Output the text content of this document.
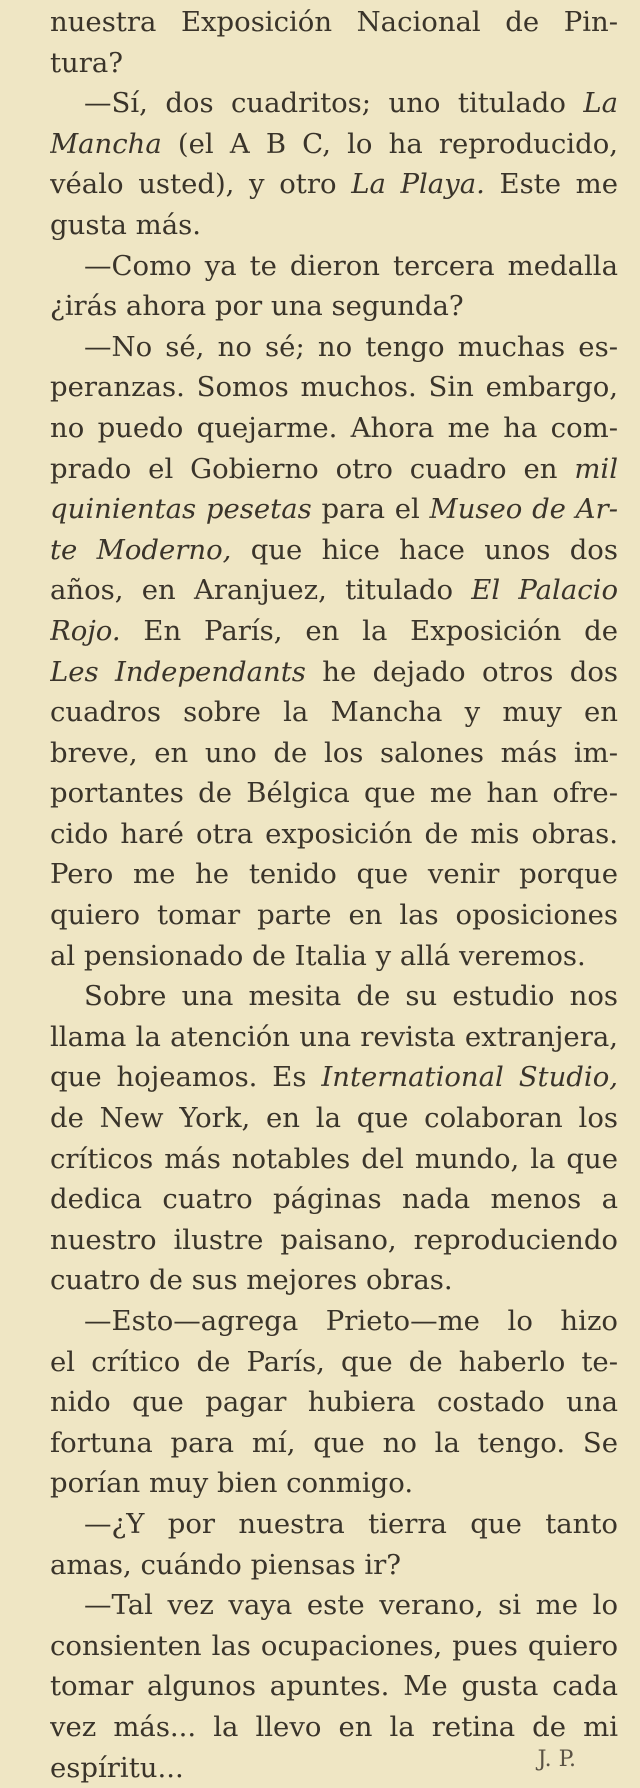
nuestra Exposición Nacional de Pin-
tura?
—Sí, dos cuadritos; uno titulado La
Mancha (el A B C, lo ha reproducido,
véalo usted), y otro La Playa. Este me
gusta más.
—Como ya te dieron tercera medalla
¿irás ahora por una segunda?
—No sé, no sé; no tengo muchas es-
peranzas. Somos muchos. Sin embargo,
no puedo quejarme. Ahora me ha com-
prado el Gobierno otro cuadro en mil
quinientas pesetas para el Museo de Ar-
te Moderno, que hice hace unos dos
años, en Aranjuez, titulado El Palacio
Rojo. En París, en la Exposición de
Les Independants he dejado otros dos
cuadros sobre la Mancha y muy en
breve, en uno de los salones más im-
portantes de Bélgica que me han ofre-
cido haré otra exposición de mis obras.
Pero me he tenido que venir porque
quiero tomar parte en las oposiciones
al pensionado de Italia y allá veremos.
Sobre una mesita de su estudio nos
llama la atención una revista extranjera,
que hojeamos. Es International Studio,
de New York, en la que colaboran los
críticos más notables del mundo, la que
dedica cuatro páginas nada menos a
nuestro ilustre paisano, reproduciendo
cuatro de sus mejores obras.
—Esto—agrega Prieto—me lo hizo
el crítico de París, que de haberlo te-
nido que pagar hubiera costado una
fortuna para mí, que no la tengo. Se
porían muy bien conmigo.
—¿Y por nuestra tierra que tanto
amas, cuándo piensas ir?
—Tal vez vaya este verano, si me lo
consienten las ocupaciones, pues quiero
tomar algunos apuntes. Me gusta cada
vez más... la llevo en la retina de mi
espíritu...	J. P.
